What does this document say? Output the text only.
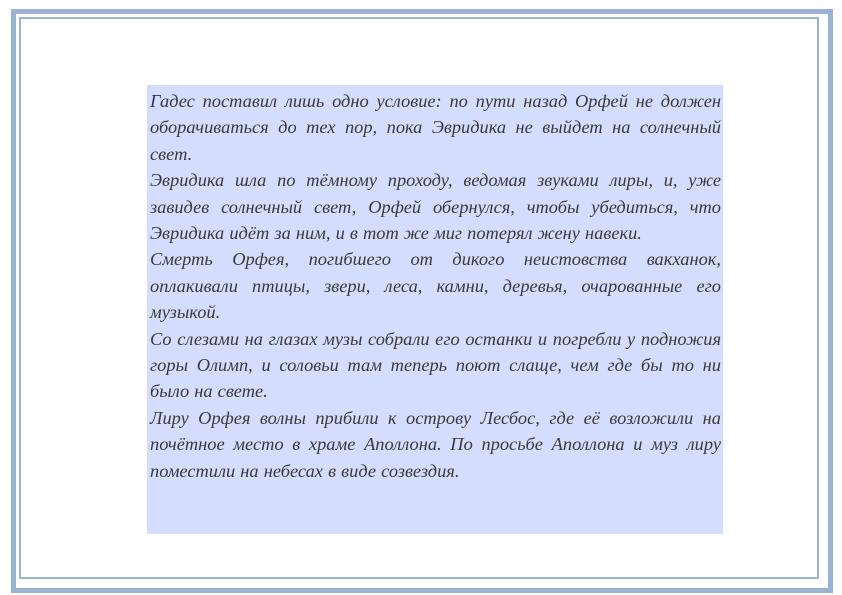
Гадес поставил лишь одно условие: по пути назад Орфей не должен оборачиваться до тех пор, пока Эвридика не выйдет на солнечный свет.

Эвридика шла по тёмному проходу, ведомая звуками лиры, и, уже завидев солнечный свет, Орфей обернулся, чтобы убедиться, что Эвридика идёт за ним, и в тот же миг потерял жену навеки.

Смерть Орфея, погибшего от дикого неистовства вакханок, оплакивали птицы, звери, леса, камни, деревья, очарованные его музыкой.

Со слезами на глазах музы собрали его останки и погребли у подножия горы Олимп, и соловьи там теперь поют слаще, чем где бы то ни было на свете.

Лиру Орфея волны прибили к острову Лесбос, где её возложили на почётное место в храме Аполлона. По просьбе Аполлона и муз лиру поместили на небесах в виде созвездия.
